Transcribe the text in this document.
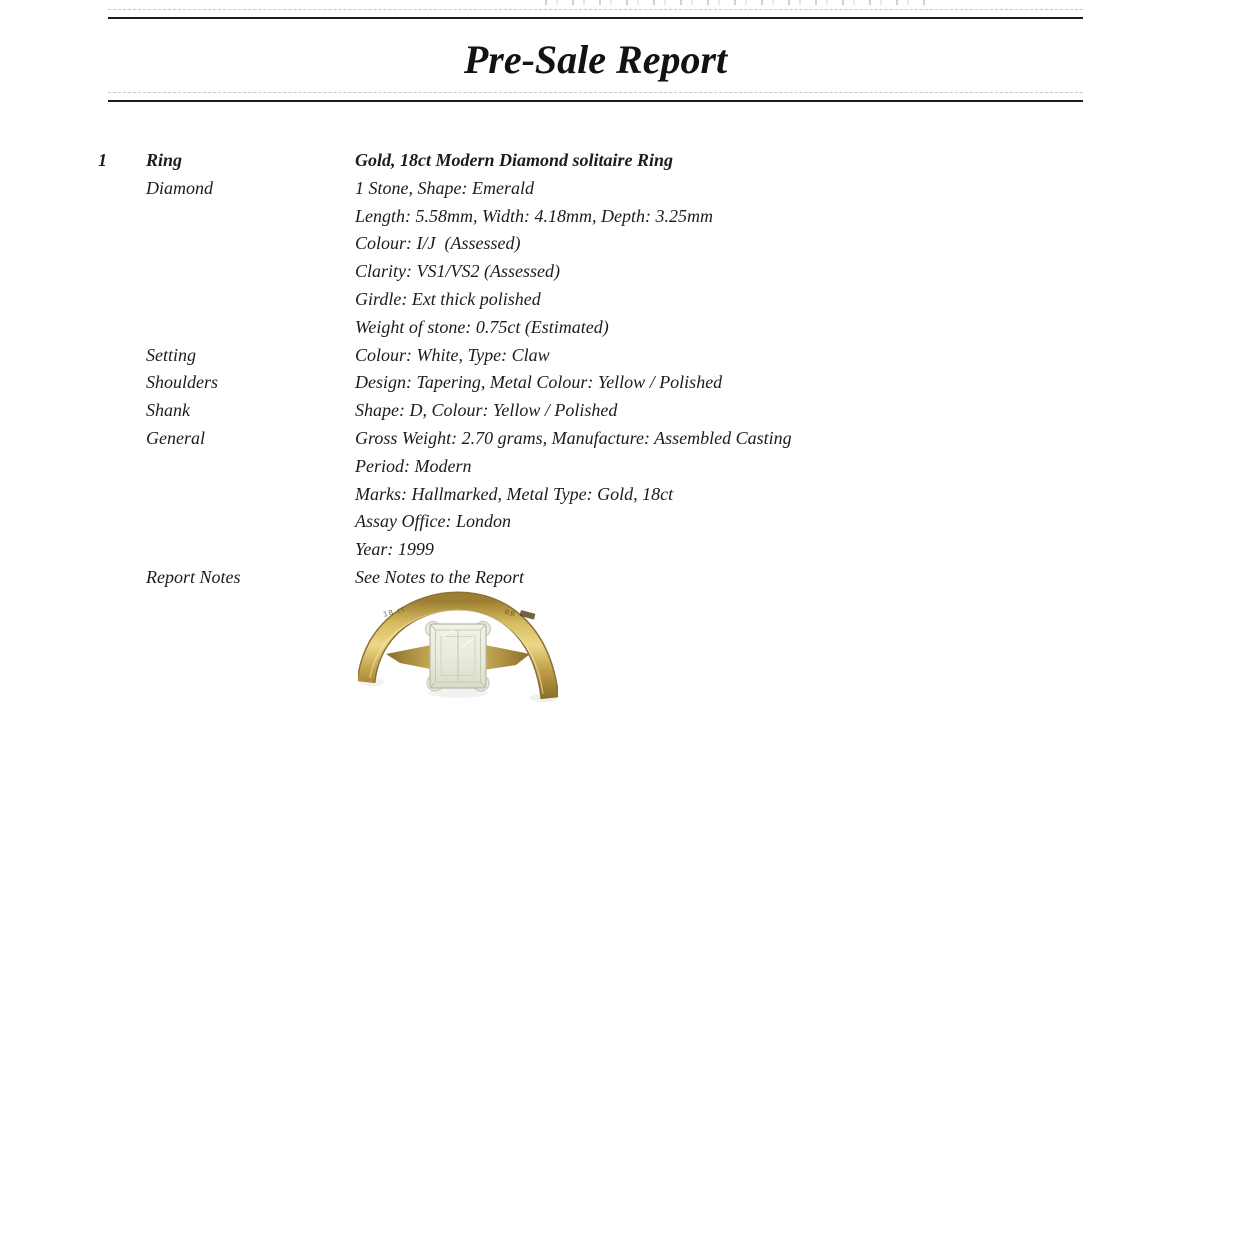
Pre-Sale Report
1 Ring	Gold, 18ct Modern Diamond solitaire Ring
Diamond	1 Stone, Shape: Emerald
Length: 5.58mm, Width: 4.18mm, Depth: 3.25mm
Colour: I/J  (Assessed)
Clarity: VS1/VS2 (Assessed)
Girdle: Ext thick polished
Weight of stone: 0.75ct (Estimated)
Setting	Colour: White, Type: Claw
Shoulders	Design: Tapering, Metal Colour: Yellow / Polished
Shank	Shape: D, Colour: Yellow / Polished
General	Gross Weight: 2.70 grams, Manufacture: Assembled Casting
Period: Modern
Marks: Hallmarked, Metal Type: Gold, 18ct
Assay Office: London
Year: 1999
Report Notes	See Notes to the Report
18 ct	RB
